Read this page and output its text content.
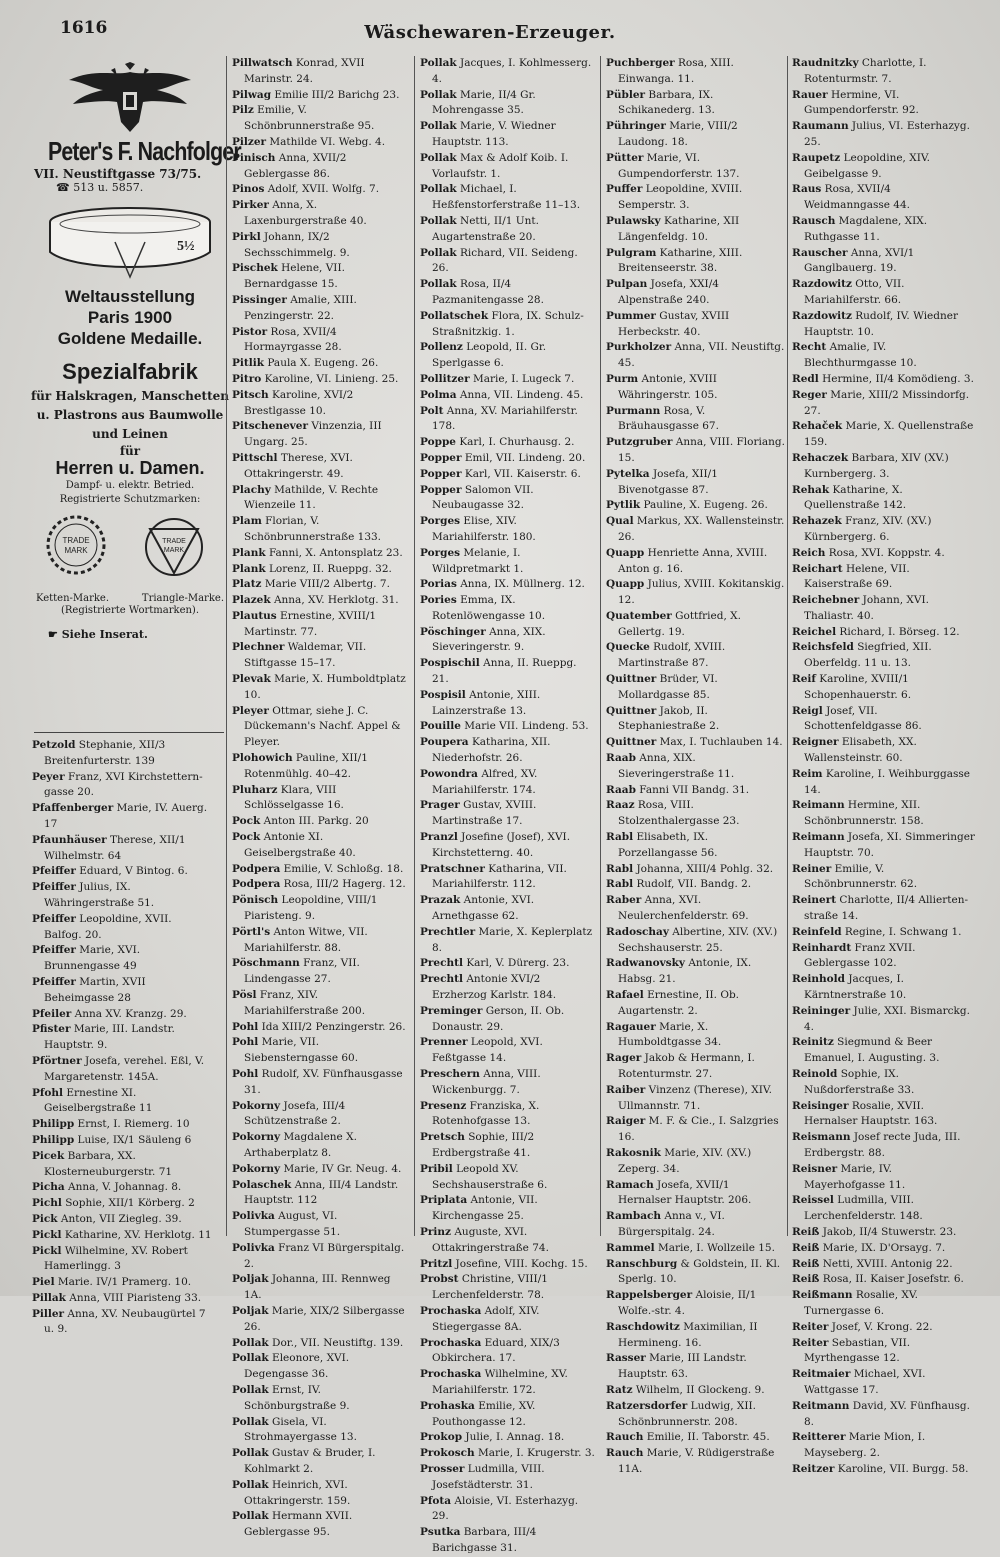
1616	Wäschewaren-Erzeuger.
Peter's F. Nachfolger
VII. Neustiftgasse 73/75.
☎ 513 u. 5857.
5½
Weltausstellung
Paris 1900
Goldene Medaille.
Spezialfabrik
für Halskragen, Manschetten u. Plastrons aus Baumwolle und Leinen
für
Herren u. Damen.
Dampf- u. elektr. Betried.
Registrierte Schutzmarken:
TRADE
MARK
TRADE
MARK
Ketten-Marke.	Triangle-Marke.
(Registrierte Wortmarken).
☛ Siehe Inserat.
Petzold Stephanie, XII/3 Breitenfurterstr. 139
Peyer Franz, XVI Kirchstetterngasse 20.
Pfaffenberger Marie, IV. Auerg. 17
Pfaunhäuser Therese, XII/1 Wilhelmstr. 64
Pfeiffer Eduard, V Bintog. 6.
Pfeiffer Julius, IX. Währingerstraße 51.
Pfeiffer Leopoldine, XVII. Balfog. 20.
Pfeiffer Marie, XVI. Brunnengasse 49
Pfeiffer Martin, XVII Beheimgasse 28
Pfeiler Anna XV. Kranzg. 29.
Pfister Marie, III. Landstr. Hauptstr. 9.
Pförtner Josefa, verehel. Eßl, V. Margaretenstr. 145A.
Pfohl Ernestine XI. Geiselbergstraße 11
Philipp Ernst, I. Riemerg. 10
Philipp Luise, IX/1 Säuleng 6
Picek Barbara, XX. Klosterneuburgerstr. 71
Picha Anna, V. Johannag. 8.
Pichl Sophie, XII/1 Körberg. 2
Pick Anton, VII Ziegleg. 39.
Pickl Katharine, XV. Herklotg. 11
Pickl Wilhelmine, XV. Robert Hamerlingg. 3
Piel Marie. IV/1 Pramerg. 10.
Pillak Anna, VIII Piaristeng 33.
Piller Anna, XV. Neubaugürtel 7 u. 9.
Pillwatsch Konrad, XVII Marinstr. 24.
Pilwag Emilie III/2 Barichg 23.
Pilz Emilie, V. Schönbrunnerstraße 95.
Pilzer Mathilde VI. Webg. 4.
Pinisch Anna, XVII/2 Geblergasse 86.
Pinos Adolf, XVII. Wolfg. 7.
Pirker Anna, X. Laxenburgerstraße 40.
Pirkl Johann, IX/2 Sechsschimmelg. 9.
Pischek Helene, VII. Bernardgasse 15.
Pissinger Amalie, XIII. Penzingerstr. 22.
Pistor Rosa, XVII/4 Hormayrgasse 28.
Pitlik Paula X. Eugeng. 26.
Pitro Karoline, VI. Linieng. 25.
Pitsch Karoline, XVI/2 Brestlgasse 10.
Pitschenever Vinzenzia, III Ungarg. 25.
Pittschl Therese, XVI. Ottakringerstr. 49.
Plachy Mathilde, V. Rechte Wienzeile 11.
Plam Florian, V. Schönbrunnerstraße 133.
Plank Fanni, X. Antonsplatz 23.
Plank Lorenz, II. Rueppg. 32.
Platz Marie VIII/2 Albertg. 7.
Plazek Anna, XV. Herklotg. 31.
Plautus Ernestine, XVIII/1 Martinstr. 77.
Plechner Waldemar, VII. Stiftgasse 15–17.
Plevak Marie, X. Humboldtplatz 10.
Pleyer Ottmar, siehe J. C. Dückemann's Nachf. Appel & Pleyer.
Plohowich Pauline, XII/1 Rotenmühlg. 40–42.
Pluharz Klara, VIII Schlösselgasse 16.
Pock Anton III. Parkg. 20
Pock Antonie XI. Geiselbergstraße 40.
Podpera Emilie, V. Schloßg. 18.
Podpera Rosa, III/2 Hagerg. 12.
Pönisch Leopoldine, VIII/1 Piaristeng. 9.
Pörtl's Anton Witwe, VII. Mariahilferstr. 88.
Pöschmann Franz, VII. Lindengasse 27.
Pösl Franz, XIV. Mariahilferstraße 200.
Pohl Ida XIII/2 Penzingerstr. 26.
Pohl Marie, VII. Siebensterngasse 60.
Pohl Rudolf, XV. Fünfhausgasse 31.
Pokorny Josefa, III/4 Schützenstraße 2.
Pokorny Magdalene X. Arthaberplatz 8.
Pokorny Marie, IV Gr. Neug. 4.
Polaschek Anna, III/4 Landstr. Hauptstr. 112
Polivka August, VI. Stumpergasse 51.
Polivka Franz VI Bürgerspitalg. 2.
Poljak Johanna, III. Rennweg 1A.
Poljak Marie, XIX/2 Silbergasse 26.
Pollak Dor., VII. Neustiftg. 139.
Pollak Eleonore, XVI. Degengasse 36.
Pollak Ernst, IV. Schönburgstraße 9.
Pollak Gisela, VI. Strohmayergasse 13.
Pollak Gustav & Bruder, I. Kohlmarkt 2.
Pollak Heinrich, XVI. Ottakringerstr. 159.
Pollak Hermann XVII. Geblergasse 95.
Pollak Jacques, I. Kohlmesserg. 4.
Pollak Marie, II/4 Gr. Mohrengasse 35.
Pollak Marie, V. Wiedner Hauptstr. 113.
Pollak Max & Adolf Koib. I. Vorlaufstr. 1.
Pollak Michael, I. Heßfenstorferstraße 11–13.
Pollak Netti, II/1 Unt. Augartenstraße 20.
Pollak Richard, VII. Seideng. 26.
Pollak Rosa, II/4 Pazmanitengasse 28.
Pollatschek Flora, IX. Schulz-Straßnitzkig. 1.
Pollenz Leopold, II. Gr. Sperlgasse 6.
Pollitzer Marie, I. Lugeck 7.
Polma Anna, VII. Lindeng. 45.
Polt Anna, XV. Mariahilferstr. 178.
Poppe Karl, I. Churhausg. 2.
Popper Emil, VII. Lindeng. 20.
Popper Karl, VII. Kaiserstr. 6.
Popper Salomon VII. Neubaugasse 32.
Porges Elise, XIV. Mariahilferstr. 180.
Porges Melanie, I. Wildpretmarkt 1.
Porias Anna, IX. Müllnerg. 12.
Pories Emma, IX. Rotenlöwengasse 10.
Pöschinger Anna, XIX. Sieveringerstr. 9.
Pospischil Anna, II. Rueppg. 21.
Pospisil Antonie, XIII. Lainzerstraße 13.
Pouille Marie VII. Lindeng. 53.
Pouperа Katharina, XII. Niederhofstr. 26.
Powondra Alfred, XV. Mariahilferstr. 174.
Prager Gustav, XVIII. Martinstraße 17.
Pranzl Josefine (Josef), XVI. Kirchstetterng. 40.
Pratschner Katharina, VII. Mariahilferstr. 112.
Prazak Antonie, XVI. Arnethgasse 62.
Prechtler Marie, X. Keplerplatz 8.
Prechtl Karl, V. Dürerg. 23.
Prechtl Antonie XVI/2 Erzherzog Karlstr. 184.
Preminger Gerson, II. Ob. Donaustr. 29.
Prenner Leopold, XVI. Feßtgasse 14.
Preschern Anna, VIII. Wickenburgg. 7.
Presenz Franziska, X. Rotenhofgasse 13.
Pretsch Sophie, III/2 Erdbergstraße 41.
Pribil Leopold XV. Sechshauserstraße 6.
Priplata Antonie, VII. Kirchengasse 25.
Prinz Auguste, XVI. Ottakringerstraße 74.
Pritzl Josefine, VIII. Kochg. 15.
Probst Christine, VIII/1 Lerchenfelderstr. 78.
Prochaska Adolf, XIV. Stiegergasse 8A.
Prochaska Eduard, XIX/3 Obkirchera. 17.
Prochaska Wilhelmine, XV. Mariahilferstr. 172.
Prohaska Emilie, XV. Pouthongasse 12.
Prokop Julie, I. Annag. 18.
Prokosch Marie, I. Krugerstr. 3.
Prosser Ludmilla, VIII. Josefstädterstr. 31.
Pfota Aloisie, VI. Esterhazyg. 29.
Psutka Barbara, III/4 Barichgasse 31.
Puchberger Rosa, XIII. Einwanga. 11.
Pübler Barbara, IX. Schikanederg. 13.
Pühringer Marie, VIII/2 Laudong. 18.
Pütter Marie, VI. Gumpendorferstr. 137.
Puffer Leopoldine, XVIII. Semperstr. 3.
Pulawsky Katharine, XII Längenfeldg. 10.
Pulgram Katharine, XIII. Breitenseerstr. 38.
Pulpan Josefa, XXI/4 Alpenstraße 240.
Pummer Gustav, XVIII Herbeckstr. 40.
Purkholzer Anna, VII. Neustiftg. 45.
Purm Antonie, XVIII Währingerstr. 105.
Purmann Rosa, V. Bräuhausgasse 67.
Putzgruber Anna, VIII. Floriang. 15.
Pytelka Josefa, XII/1 Bivenotgasse 87.
Pytlik Pauline, X. Eugeng. 26.
Qual Markus, XX. Wallensteinstr. 26.
Quapp Henriette Anna, XVIII. Anton g. 16.
Quapp Julius, XVIII. Kokitanskig. 12.
Quatember Gottfried, X. Gellertg. 19.
Quecke Rudolf, XVIII. Martinstraße 87.
Quittner Brüder, VI. Mollardgasse 85.
Quittner Jakob, II. Stephaniestraße 2.
Quittner Max, I. Tuchlauben 14.
Raab Anna, XIX. Sieveringerstraße 11.
Raab Fanni VII Bandg. 31.
Raaz Rosa, VIII. Stolzenthalergasse 23.
Rabl Elisabeth, IX. Porzellangasse 56.
Rabl Johanna, XIII/4 Pohlg. 32.
Rabl Rudolf, VII. Bandg. 2.
Raber Anna, XVI. Neulerchenfelderstr. 69.
Radoschay Albertine, XIV. (XV.) Sechshauserstr. 25.
Radwanovsky Antonie, IX. Habsg. 21.
Rafael Ernestine, II. Ob. Augartenstr. 2.
Ragauer Marie, X. Humboldtgasse 34.
Rager Jakob & Hermann, I. Rotenturmstr. 27.
Raiber Vinzenz (Therese), XIV. Ullmannstr. 71.
Raiger M. F. & Cie., I. Salzgries 16.
Rakosnik Marie, XIV. (XV.) Zeperg. 34.
Ramach Josefa, XVII/1 Hernalser Hauptstr. 206.
Rambach Anna v., VI. Bürgerspitalg. 24.
Rammel Marie, I. Wollzeile 15.
Ranschburg & Goldstein, II. Kl. Sperlg. 10.
Rappelsberger Aloisie, II/1 Wolfe.-str. 4.
Raschdowitz Maximilian, II Hermineng. 16.
Rasser Marie, III Landstr. Hauptstr. 63.
Ratz Wilhelm, II Glockeng. 9.
Ratzersdorfer Ludwig, XII. Schönbrunnerstr. 208.
Rauch Emilie, II. Taborstr. 45.
Rauch Marie, V. Rüdigerstraße 11A.
Raudnitzky Charlotte, I. Rotenturmstr. 7.
Rauer Hermine, VI. Gumpendorferstr. 92.
Raumann Julius, VI. Esterhazyg. 25.
Raupetz Leopoldine, XIV. Geibelgasse 9.
Raus Rosa, XVII/4 Weidmanngasse 44.
Rausch Magdalene, XIX. Ruthgasse 11.
Rauscher Anna, XVI/1 Ganglbauerg. 19.
Razdowitz Otto, VII. Mariahilferstr. 66.
Razdowitz Rudolf, IV. Wiedner Hauptstr. 10.
Recht Amalie, IV. Blechthurmgasse 10.
Redl Hermine, II/4 Komödieng. 3.
Reger Marie, XIII/2 Missindorfg. 27.
Rehaček Marie, X. Quellenstraße 159.
Rehaczek Barbara, XIV (XV.) Kurnbergerg. 3.
Rehak Katharine, X. Quellenstraße 142.
Rehazek Franz, XIV. (XV.) Kürnbergerg. 6.
Reich Rosa, XVI. Koppstr. 4.
Reichart Helene, VII. Kaiserstraße 69.
Reichebner Johann, XVI. Thaliastr. 40.
Reichel Richard, I. Börseg. 12.
Reichsfeld Siegfried, XII. Oberfeldg. 11 u. 13.
Reif Karoline, XVIII/1 Schopenhauerstr. 6.
Reigl Josef, VII. Schottenfeldgasse 86.
Reigner Elisabeth, XX. Wallensteinstr. 60.
Reim Karoline, I. Weihburggasse 14.
Reimann Hermine, XII. Schönbrunnerstr. 158.
Reimann Josefa, XI. Simmeringer Hauptstr. 70.
Reiner Emilie, V. Schönbrunnerstr. 62.
Reinert Charlotte, II/4 Alliertenstraße 14.
Reinfeld Regine, I. Schwang 1.
Reinhardt Franz XVII. Geblergasse 102.
Reinhold Jacques, I. Kärntnerstraße 10.
Reininger Julie, XXI. Bismarckg. 4.
Reinitz Siegmund & Beer Emanuel, I. Augusting. 3.
Reinold Sophie, IX. Nußdorferstraße 33.
Reisinger Rosalie, XVII. Hernalser Hauptstr. 163.
Reismann Josef recte Juda, III. Erdbergstr. 88.
Reisner Marie, IV. Mayerhofgasse 11.
Reissel Ludmilla, VIII. Lerchenfelderstr. 148.
Reiß Jakob, II/4 Stuwerstr. 23.
Reiß Marie, IX. D'Orsayg. 7.
Reiß Netti, XVIII. Antonig 22.
Reiß Rosa, II. Kaiser Josefstr. 6.
Reißmann Rosalie, XV. Turnergasse 6.
Reiter Josef, V. Krong. 22.
Reiter Sebastian, VII. Myrthengasse 12.
Reitmaier Michael, XVI. Wattgasse 17.
Reitmann David, XV. Fünfhausg. 8.
Reitterer Marie Mion, I. Mayseberg. 2.
Reitzer Karoline, VII. Burgg. 58.
